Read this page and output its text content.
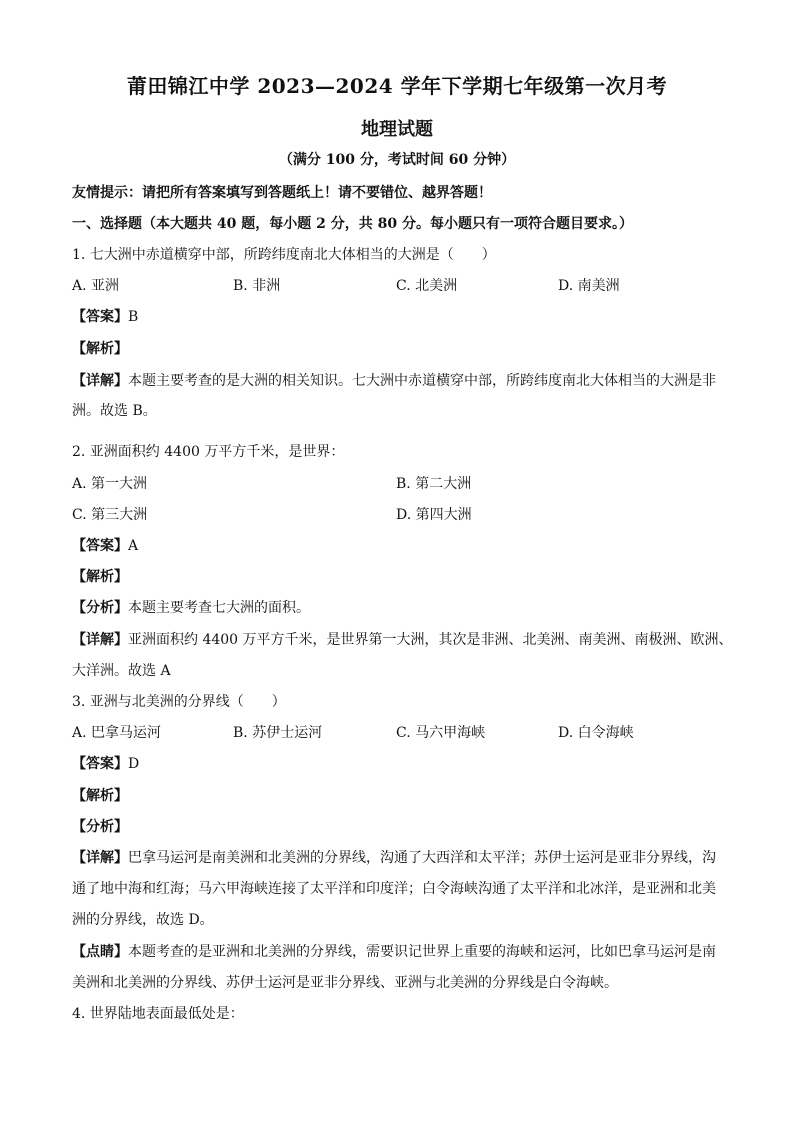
莆田锦江中学 2023—2024 学年下学期七年级第一次月考
地理试题
（满分 100 分，考试时间 60 分钟）
友情提示：请把所有答案填写到答题纸上！请不要错位、越界答题！
一、选择题（本大题共 40 题，每小题 2 分，共 80 分。每小题只有一项符合题目要求。）
1. 七大洲中赤道横穿中部，所跨纬度南北大体相当的大洲是（　　）
A. 亚洲	B. 非洲	C. 北美洲	D. 南美洲
【答案】B
【解析】
【详解】本题主要考查的是大洲的相关知识。七大洲中赤道横穿中部，所跨纬度南北大体相当的大洲是非
洲。故选 B。
2. 亚洲面积约 4400 万平方千米，是世界：
A. 第一大洲	B. 第二大洲
C. 第三大洲	D. 第四大洲
【答案】A
【解析】
【分析】本题主要考查七大洲的面积。
【详解】亚洲面积约 4400 万平方千米，是世界第一大洲，其次是非洲、北美洲、南美洲、南极洲、欧洲、
大洋洲。故选 A
3. 亚洲与北美洲的分界线（　　）
A. 巴拿马运河	B. 苏伊士运河	C. 马六甲海峡	D. 白令海峡
【答案】D
【解析】
【分析】
【详解】巴拿马运河是南美洲和北美洲的分界线，沟通了大西洋和太平洋；苏伊士运河是亚非分界线，沟
通了地中海和红海；马六甲海峡连接了太平洋和印度洋；白令海峡沟通了太平洋和北冰洋，是亚洲和北美
洲的分界线，故选 D。
【点睛】本题考查的是亚洲和北美洲的分界线，需要识记世界上重要的海峡和运河，比如巴拿马运河是南
美洲和北美洲的分界线、苏伊士运河是亚非分界线、亚洲与北美洲的分界线是白令海峡。
4. 世界陆地表面最低处是：
